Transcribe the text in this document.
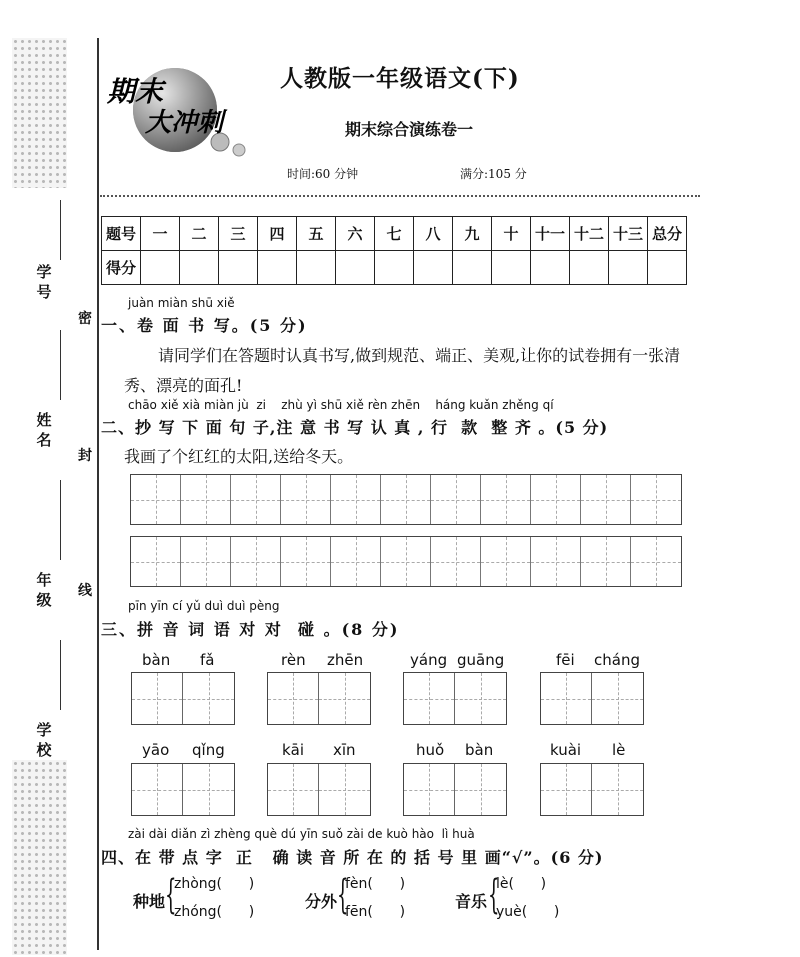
学号
姓名
年级
学校
密
封
线
期末
大冲刺
人教版一年级语文(下)
期末综合演练卷一
时间:60 分钟	满分:105 分
题号	一	二	三	四	五	六	七	八	九	十	十一	十二	十三	总分
得分														
juàn miàn shū xiě
一、卷 面 书 写。(5 分)
请同学们在答题时认真书写,做到规范、端正、美观,让你的试卷拥有一张清
秀、漂亮的面孔!
chāo xiě xià miàn jù  zi    zhù yì shū xiě rèn zhēn    háng kuǎn zhěng qí
二、抄 写 下 面 句 子,注 意 书 写 认 真 , 行  款  整 齐 。(5 分)
我画了个红红的太阳,送给冬天。
pīn yīn cí yǔ duì duì pèng
三、拼 音 词 语 对 对  碰 。(8 分)
bàn fǎ	rèn zhēn	yáng guāng	fēi cháng
yāo qǐng	kāi xīn	huǒ bàn	kuài lè
zài dài diǎn zì zhèng què dú yīn suǒ zài de kuò hào  lì huà
四、在 带 点 字  正   确 读 音 所 在 的 括 号 里 画“√”。(6 分)
种地 {
zhòng(      )
zhóng(      )
分外 {
fèn(      )
fēn(      )
音乐 {
lè(      )
yuè(      )
